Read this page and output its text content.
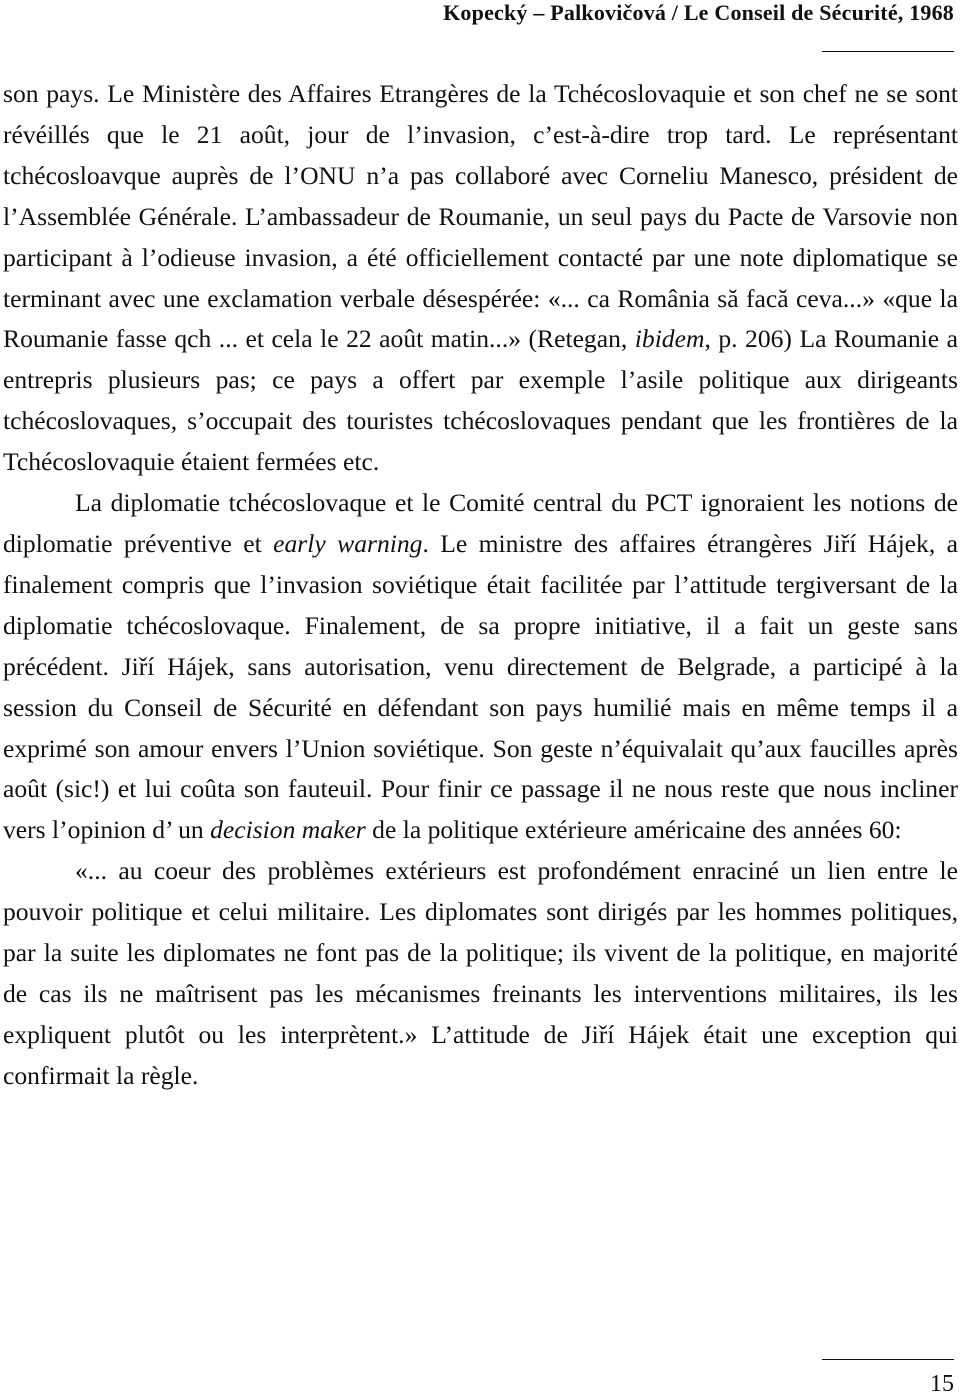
Kopecký – Palkovičová / Le Conseil de Sécurité, 1968

son pays. Le Ministère des Affaires Etrangères de la Tchécoslovaquie et son chef ne se sont révéillés que le 21 août, jour de l’invasion, c’est-à-dire trop tard. Le représentant tchécosloavque auprès de l’ONU n’a pas collaboré avec Corneliu Manesco, président de l’Assemblée Générale. L’ambassadeur de Roumanie, un seul pays du Pacte de Varsovie non participant à l’odieuse invasion, a été officiellement contacté par une note diplomatique se terminant avec une exclamation verbale désespérée: «... ca România să facă ceva...» «que la Roumanie fasse qch ... et cela le 22 août matin...» (Retegan, ibidem, p. 206) La Roumanie a entrepris plusieurs pas; ce pays a offert par exemple l’asile politique aux dirigeants tchécoslovaques, s’occupait des touristes tchécoslovaques pendant que les frontières de la Tchécoslovaquie étaient fermées etc.

La diplomatie tchécoslovaque et le Comité central du PCT ignoraient les notions de diplomatie préventive et early warning. Le ministre des affaires étrangères Jiří Hájek, a finalement compris que l’invasion soviétique était facilitée par l’attitude tergiversant de la diplomatie tchécoslovaque. Finalement, de sa propre initiative, il a fait un geste sans précédent. Jiří Hájek, sans autorisation, venu directement de Belgrade, a participé à la session du Conseil de Sécurité en défendant son pays humilié mais en même temps il a exprimé son amour envers l’Union soviétique. Son geste n’équivalait qu’aux faucilles après août (sic!) et lui coûta son fauteuil. Pour finir ce passage il ne nous reste que nous incliner vers l’opinion d’ un decision maker de la politique extérieure américaine des années 60:

«... au coeur des problèmes extérieurs est profondément enraciné un lien entre le pouvoir politique et celui militaire. Les diplomates sont dirigés par les hommes politiques, par la suite les diplomates ne font pas de la politique; ils vivent de la politique, en majorité de cas ils ne maîtrisent pas les mécanismes freinants les interventions militaires, ils les expliquent plutôt ou les interprètent.» L’attitude de Jiří Hájek était une exception qui confirmait la règle.

15
